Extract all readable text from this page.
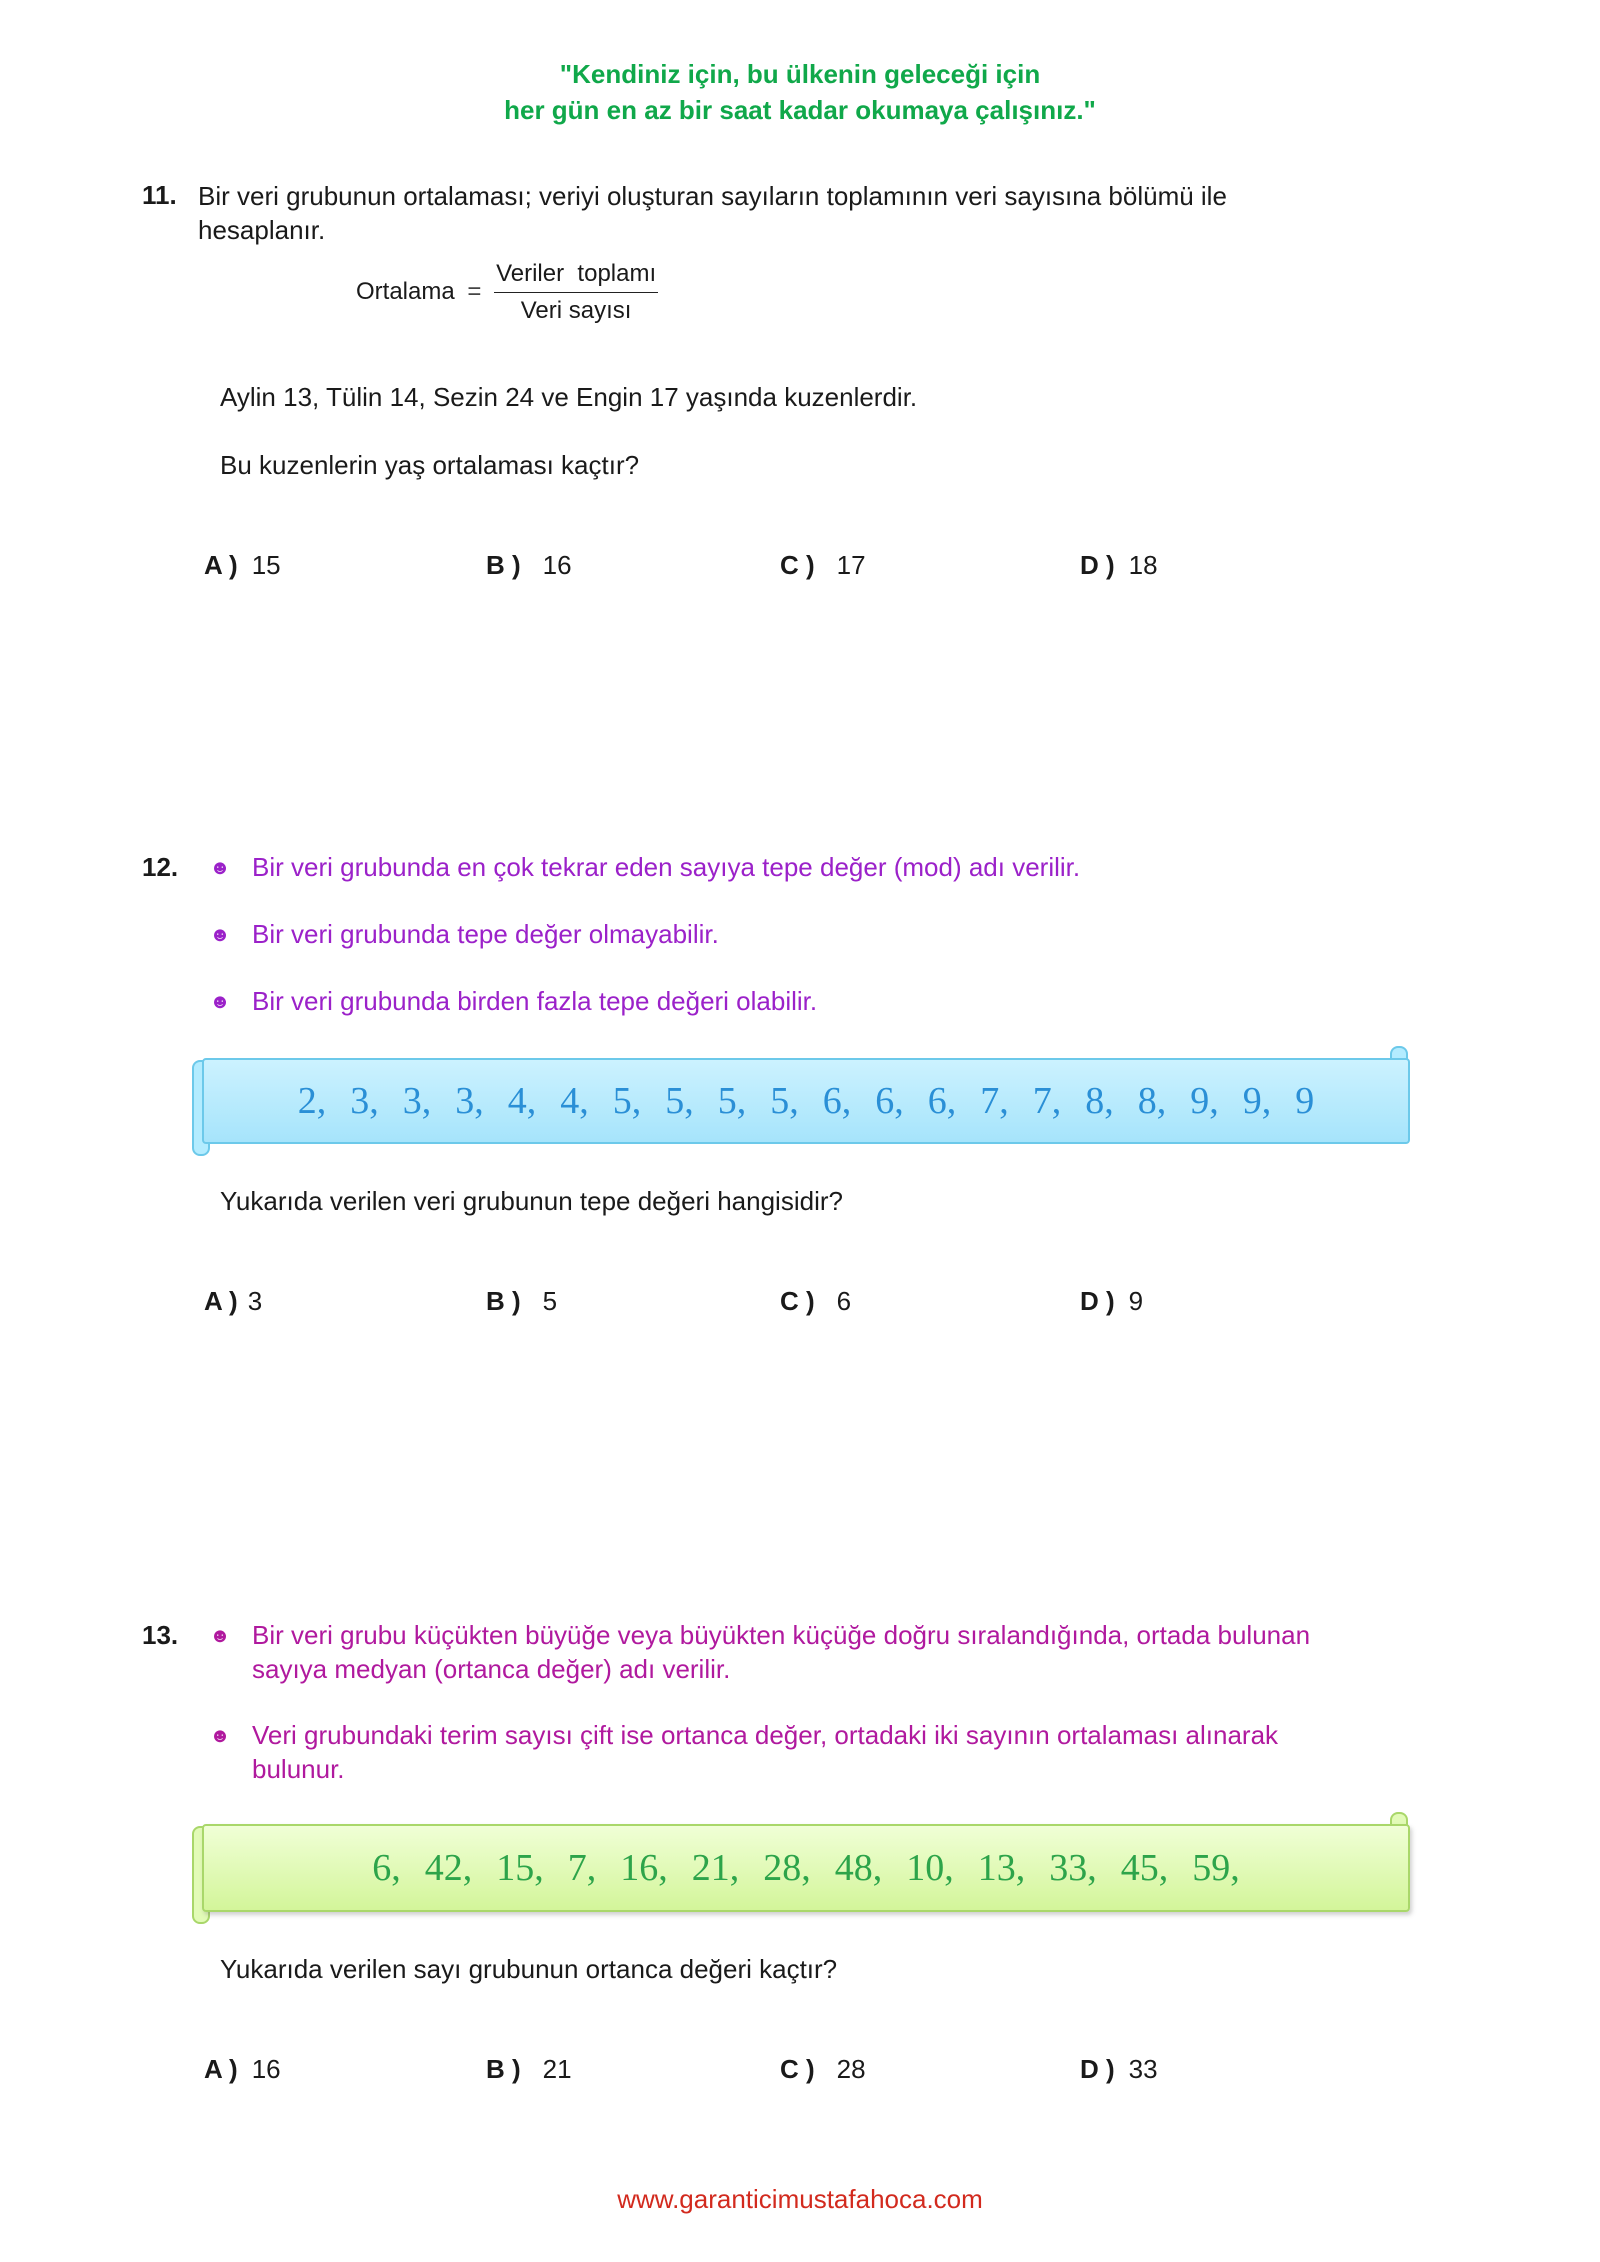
"Kendiniz için, bu ülkenin geleceği için
her gün en az bir saat kadar okumaya çalışınız."
11. Bir veri grubunun ortalaması; veriyi oluşturan sayıların toplamının veri sayısına bölümü ile
hesaplanır.
Ortalama = $\frac{\text{Veriler  toplamı}}{\text{Veri sayısı}}$
Aylin 13, Tülin 14, Sezin 24 ve Engin 17 yaşında kuzenlerdir.
Bu kuzenlerin yaş ortalaması kaçtır?
A ) 15	B ) 16	C ) 17	D ) 18
12. ☻ Bir veri grubunda en çok tekrar eden sayıya tepe değer (mod) adı verilir.
☻ Bir veri grubunda tepe değer olmayabilir.
☻ Bir veri grubunda birden fazla tepe değeri olabilir.
2, 3, 3, 3, 4, 4, 5, 5, 5, 5, 6, 6, 6, 7, 7, 8, 8, 9, 9, 9
Yukarıda verilen veri grubunun tepe değeri hangisidir?
A ) 3	B ) 5	C ) 6	D ) 9
13. ☻ Bir veri grubu küçükten büyüğe veya büyükten küçüğe doğru sıralandığında, ortada bulunan
sayıya medyan (ortanca değer) adı verilir.
☻ Veri grubundaki terim sayısı çift ise ortanca değer, ortadaki iki sayının ortalaması alınarak
bulunur.
6, 42, 15, 7, 16, 21, 28, 48, 10, 13, 33, 45, 59,
Yukarıda verilen sayı grubunun ortanca değeri kaçtır?
A ) 16	B ) 21	C ) 28	D ) 33
www.garanticimustafahoca.com
